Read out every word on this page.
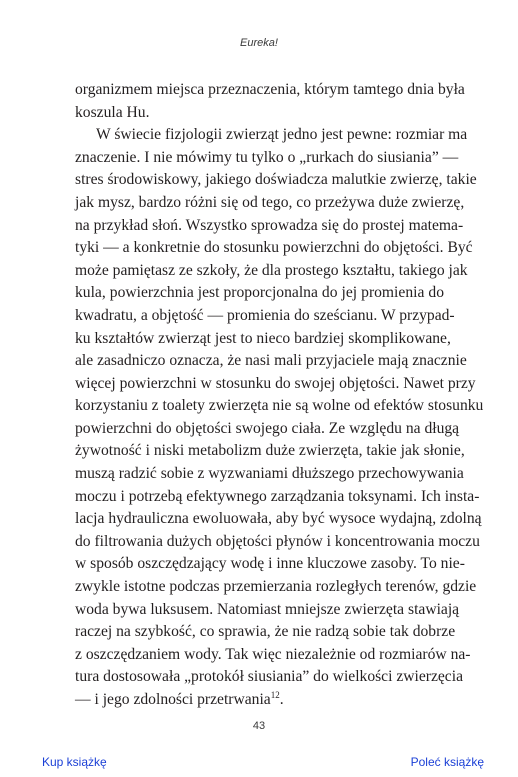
Eureka!
organizmem miejsca przeznaczenia, którym tamtego dnia była
koszula Hu.
W świecie fizjologii zwierząt jedno jest pewne: rozmiar ma
znaczenie. I nie mówimy tu tylko o „rurkach do siusiania” —
stres środowiskowy, jakiego doświadcza malutkie zwierzę, takie
jak mysz, bardzo różni się od tego, co przeżywa duże zwierzę,
na przykład słoń. Wszystko sprowadza się do prostej matema-
tyki — a konkretnie do stosunku powierzchni do objętości. Być
może pamiętasz ze szkoły, że dla prostego kształtu, takiego jak
kula, powierzchnia jest proporcjonalna do jej promienia do
kwadratu, a objętość — promienia do sześcianu. W przypad-
ku kształtów zwierząt jest to nieco bardziej skomplikowane,
ale zasadniczo oznacza, że nasi mali przyjaciele mają znacznie
więcej powierzchni w stosunku do swojej objętości. Nawet przy
korzystaniu z toalety zwierzęta nie są wolne od efektów stosunku
powierzchni do objętości swojego ciała. Ze względu na długą
żywotność i niski metabolizm duże zwierzęta, takie jak słonie,
muszą radzić sobie z wyzwaniami dłuższego przechowywania
moczu i potrzebą efektywnego zarządzania toksynami. Ich insta-
lacja hydrauliczna ewoluowała, aby być wysoce wydajną, zdolną
do filtrowania dużych objętości płynów i koncentrowania moczu
w sposób oszczędzający wodę i inne kluczowe zasoby. To nie-
zwykle istotne podczas przemierzania rozległych terenów, gdzie
woda bywa luksusem. Natomiast mniejsze zwierzęta stawiają
raczej na szybkość, co sprawia, że nie radzą sobie tak dobrze
z oszczędzaniem wody. Tak więc niezależnie od rozmiarów na-
tura dostosowała „protokół siusiania” do wielkości zwierzęcia
— i jego zdolności przetrwania$^{12}$.
43
Kup książkę	Poleć książkę
